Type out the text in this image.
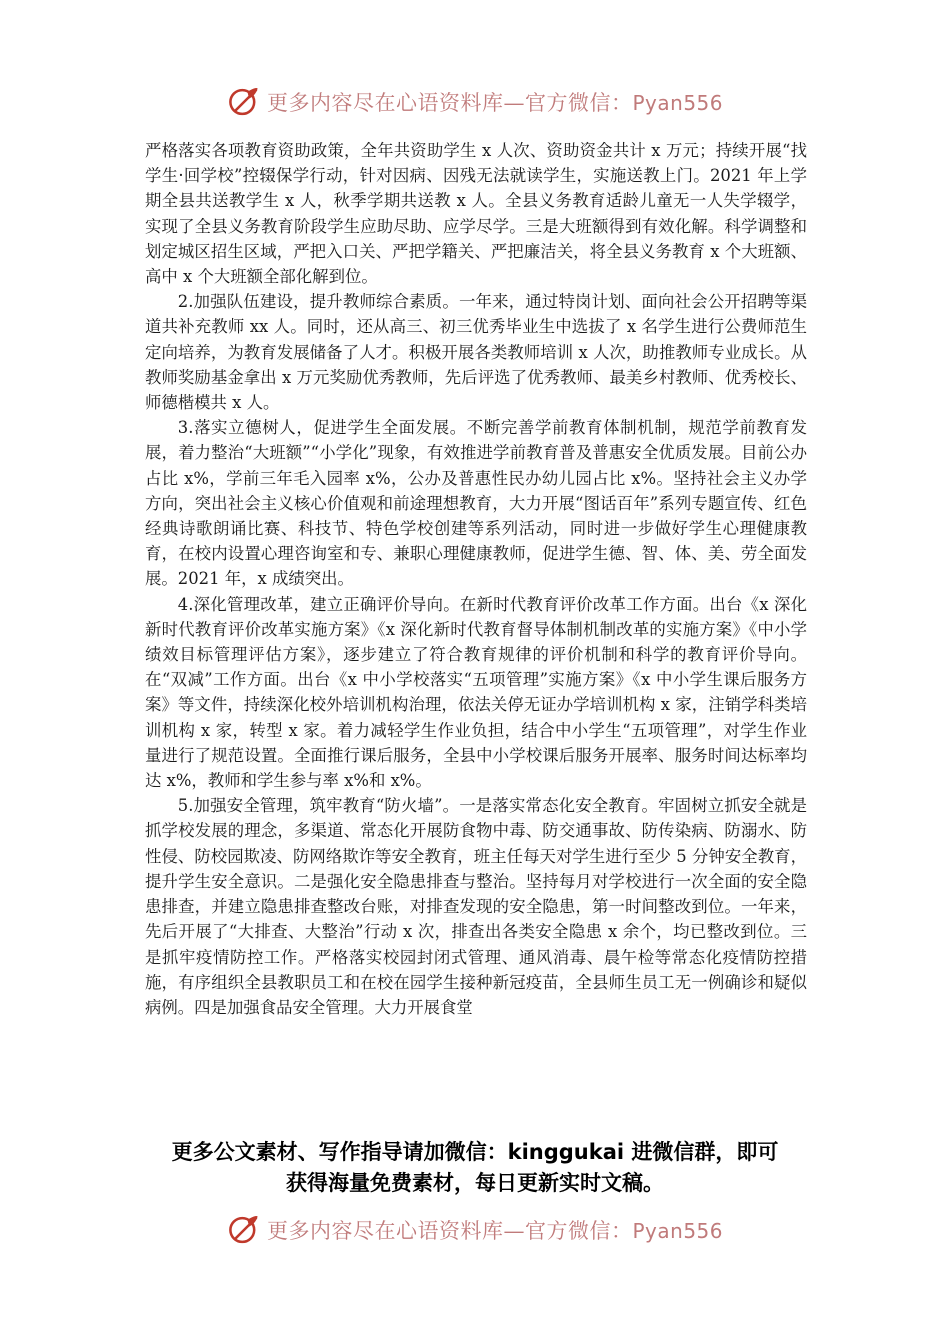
更多内容尽在心语资料库—官方微信：Pyan556

严格落实各项教育资助政策，全年共资助学生 x 人次、资助资金共计 x 万元；持续开展“找学生·回学校”控辍保学行动，针对因病、因残无法就读学生，实施送教上门。2021 年上学期全县共送教学生 x 人，秋季学期共送教 x 人。全县义务教育适龄儿童无一人失学辍学，实现了全县义务教育阶段学生应助尽助、应学尽学。三是大班额得到有效化解。科学调整和划定城区招生区域，严把入口关、严把学籍关、严把廉洁关，将全县义务教育 x 个大班额、高中 x 个大班额全部化解到位。

2.加强队伍建设，提升教师综合素质。一年来，通过特岗计划、面向社会公开招聘等渠道共补充教师 xx 人。同时，还从高三、初三优秀毕业生中选拔了 x 名学生进行公费师范生定向培养，为教育发展储备了人才。积极开展各类教师培训 x 人次，助推教师专业成长。从教师奖励基金拿出 x 万元奖励优秀教师，先后评选了优秀教师、最美乡村教师、优秀校长、师德楷模共 x 人。

3.落实立德树人，促进学生全面发展。不断完善学前教育体制机制，规范学前教育发展，着力整治“大班额”“小学化”现象，有效推进学前教育普及普惠安全优质发展。目前公办占比 x%，学前三年毛入园率 x%，公办及普惠性民办幼儿园占比 x%。坚持社会主义办学方向，突出社会主义核心价值观和前途理想教育，大力开展“图话百年”系列专题宣传、红色经典诗歌朗诵比赛、科技节、特色学校创建等系列活动，同时进一步做好学生心理健康教育，在校内设置心理咨询室和专、兼职心理健康教师，促进学生德、智、体、美、劳全面发展。2021 年，x 成绩突出。

4.深化管理改革，建立正确评价导向。在新时代教育评价改革工作方面。出台《x 深化新时代教育评价改革实施方案》《x 深化新时代教育督导体制机制改革的实施方案》《中小学绩效目标管理评估方案》，逐步建立了符合教育规律的评价机制和科学的教育评价导向。在“双减”工作方面。出台《x 中小学校落实“五项管理”实施方案》《x 中小学生课后服务方案》等文件，持续深化校外培训机构治理，依法关停无证办学培训机构 x 家，注销学科类培训机构 x 家，转型 x 家。着力减轻学生作业负担，结合中小学生“五项管理”，对学生作业量进行了规范设置。全面推行课后服务，全县中小学校课后服务开展率、服务时间达标率均达 x%，教师和学生参与率 x%和 x%。

5.加强安全管理，筑牢教育“防火墙”。一是落实常态化安全教育。牢固树立抓安全就是抓学校发展的理念，多渠道、常态化开展防食物中毒、防交通事故、防传染病、防溺水、防性侵、防校园欺凌、防网络欺诈等安全教育，班主任每天对学生进行至少 5 分钟安全教育，提升学生安全意识。二是强化安全隐患排查与整治。坚持每月对学校进行一次全面的安全隐患排查，并建立隐患排查整改台账，对排查发现的安全隐患，第一时间整改到位。一年来，先后开展了“大排查、大整治”行动 x 次，排查出各类安全隐患 x 余个，均已整改到位。三是抓牢疫情防控工作。严格落实校园封闭式管理、通风消毒、晨午检等常态化疫情防控措施，有序组织全县教职员工和在校在园学生接种新冠疫苗，全县师生员工无一例确诊和疑似病例。四是加强食品安全管理。大力开展食堂

更多公文素材、写作指导请加微信：kinggukai 进微信群，即可
获得海量免费素材，每日更新实时文稿。
更多内容尽在心语资料库—官方微信：Pyan556
